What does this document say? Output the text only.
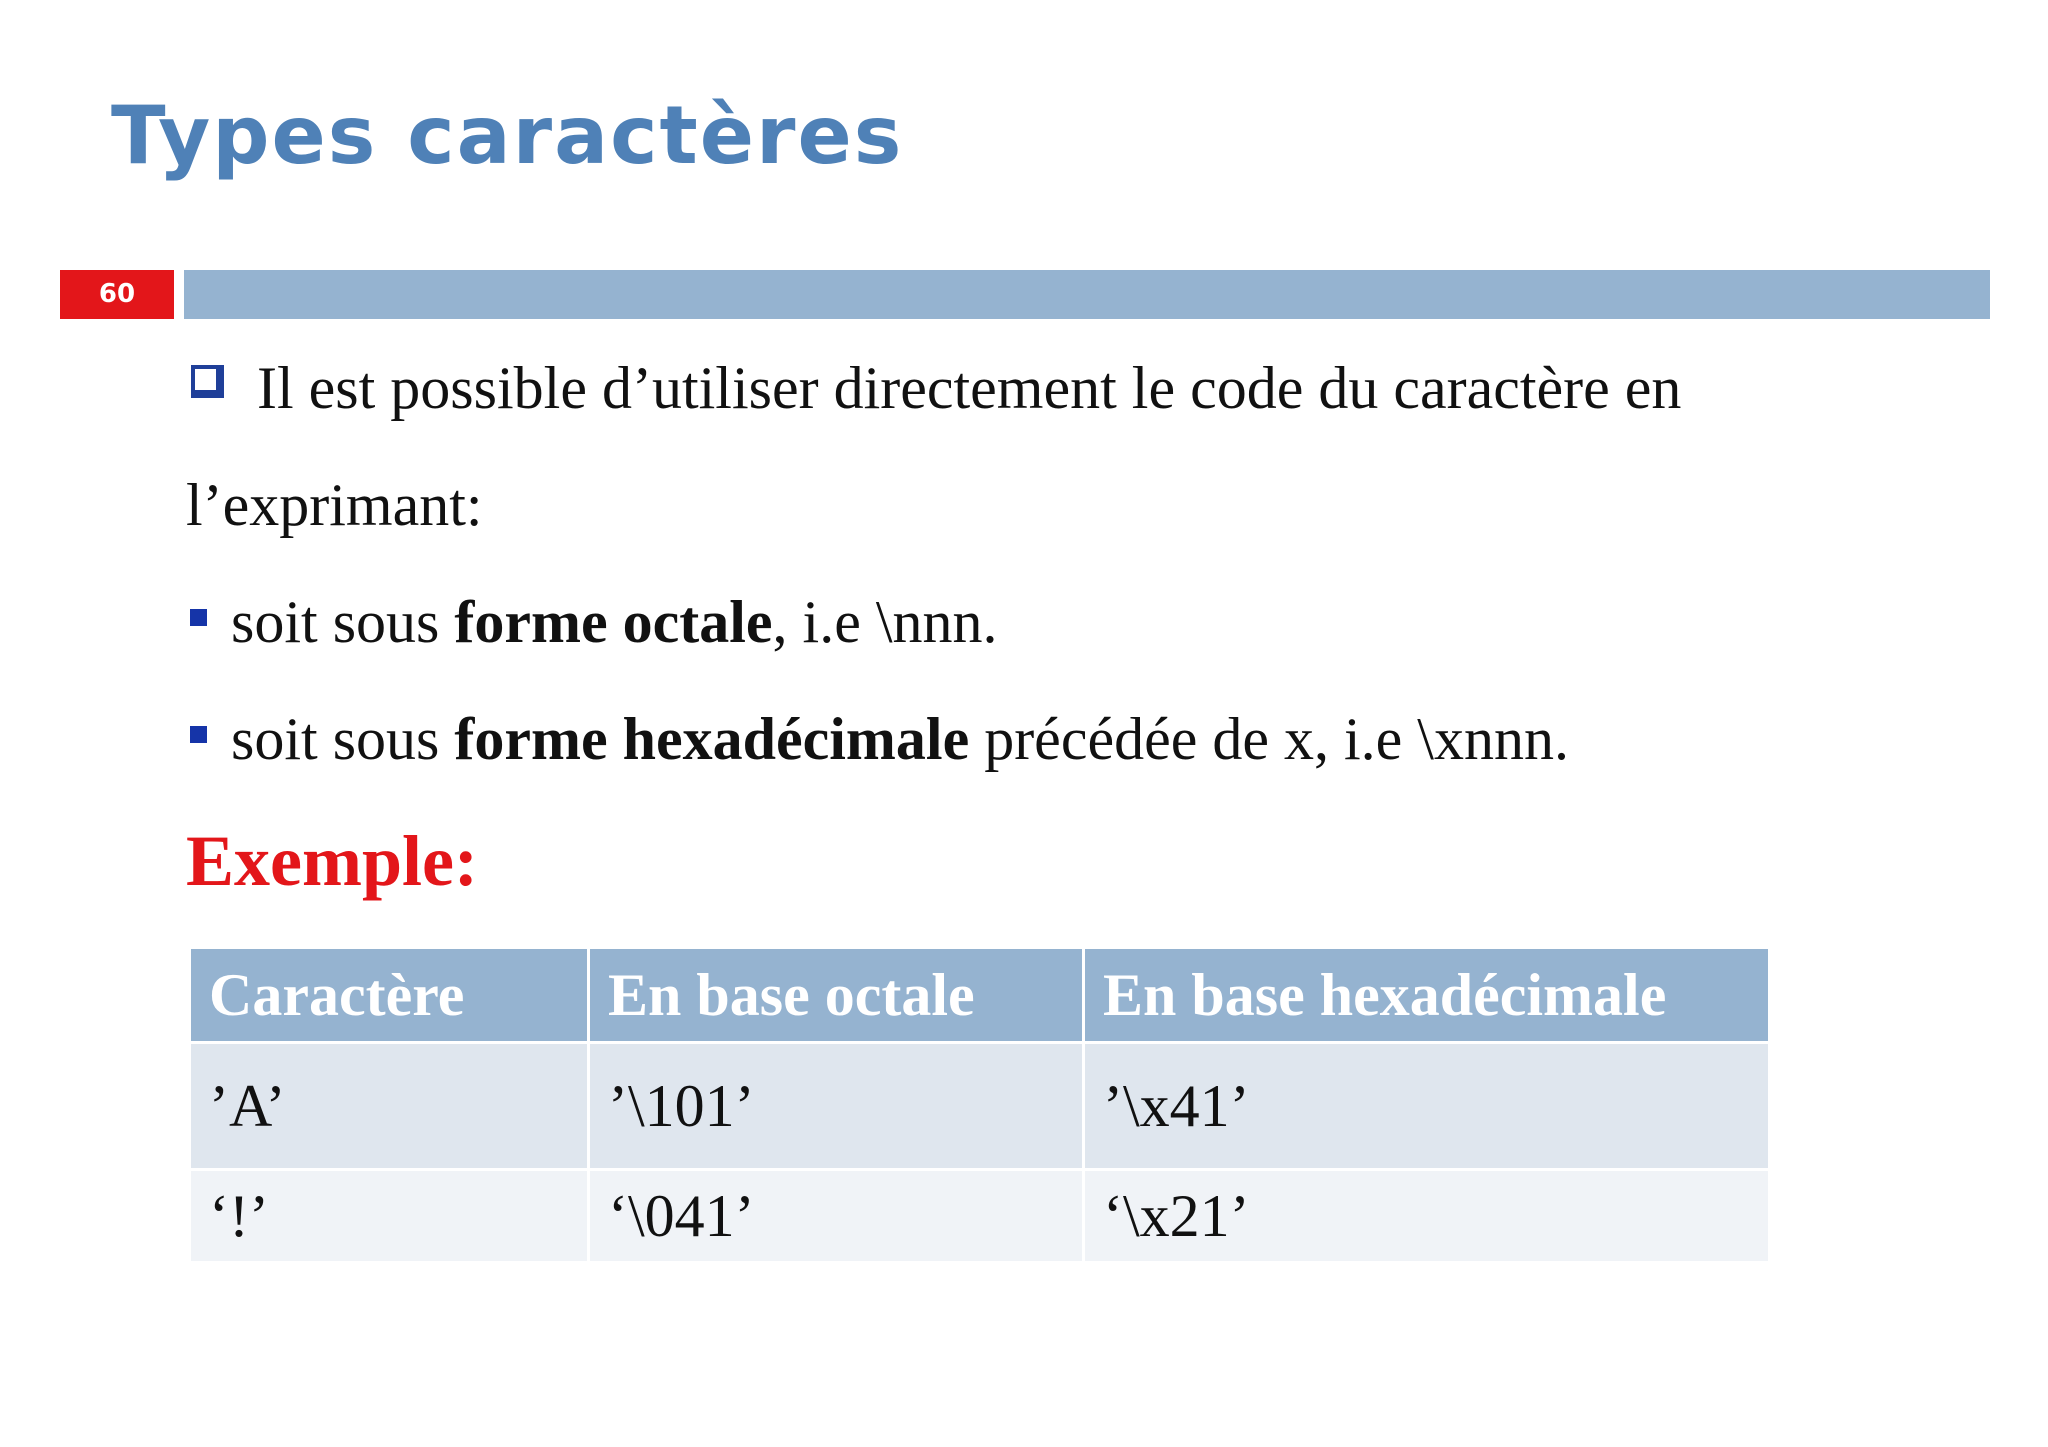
Types caractères
60
Il est possible d’utiliser directement le code du caractère en
l’exprimant:
soit sous forme octale, i.e \nnn.
soit sous forme hexadécimale précédée de x, i.e \xnnn.
Exemple:
Caractère	En base octale	En base hexadécimale
’A’	’\101’	’\x41’
‘!’	‘\041’	‘\x21’
